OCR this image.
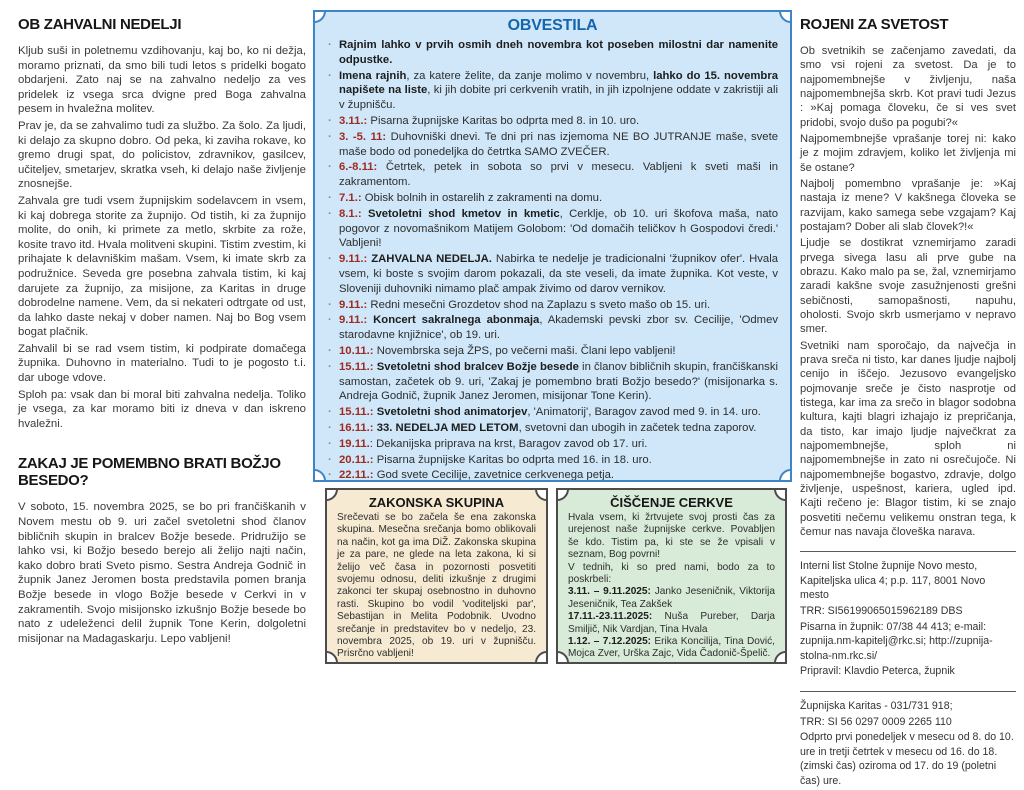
OB ZAHVALNI NEDELJI

Kljub suši in poletnemu vzdihovanju, kaj bo, ko ni dežja, moramo priznati, da smo bili tudi letos s pridelki bogato obdarjeni. Zato naj se na zahvalno nedeljo za ves pridelek iz vsega srca dvigne pred Boga zahvalna pesem in hvaležna molitev.

Prav je, da se zahvalimo tudi za službo. Za šolo. Za ljudi, ki delajo za skupno dobro. Od peka, ki zaviha rokave, ko gremo drugi spat, do policistov, zdravnikov, gasilcev, učiteljev, smetarjev, skratka vseh, ki delajo naše življenje znosnejše.

Zahvala gre tudi vsem župnijskim sodelavcem in vsem, ki kaj dobrega storite za župnijo. Od tistih, ki za župnijo molite, do onih, ki primete za metlo, skrbite za rože, kosite travo itd. Hvala molitveni skupini. Tistim zvestim, ki prihajate k delavniškim mašam. Vsem, ki imate skrb za podružnice. Seveda gre posebna zahvala tistim, ki kaj darujete za župnijo, za misijone, za Karitas in druge dobrodelne namene. Vem, da si nekateri odtrgate od ust, da lahko daste nekaj v dober namen. Naj bo Bog vsem bogat plačnik.

Zahvalil bi se rad vsem tistim, ki podpirate domačega župnika. Duhovno in materialno. Tudi to je pogosto t.i. dar uboge vdove.

Sploh pa: vsak dan bi moral biti zahvalna nedelja. Toliko je vsega, za kar moramo biti iz dneva v dan iskreno hvaležni.

ZAKAJ JE POMEMBNO BRATI BOŽJO BESEDO?

V soboto, 15. novembra 2025, se bo pri frančiškanih v Novem mestu ob 9. uri začel svetoletni shod članov bibličnih skupin in bralcev Božje besede. Pridružijo se lahko vsi, ki Božjo besedo berejo ali želijo najti način, kako dobro brati Sveto pismo. Sestra Andreja Godnič in župnik Janez Jeromen bosta predstavila pomen branja Božje besede in vlogo Božje besede v Cerkvi in v zakramentih. Svojo misijonsko izkušnjo Božje besede bo nato z udeleženci delil župnik Tone Kerin, dolgoletni misijonar na Madagaskarju. Lepo vabljeni!

OBVESTILA
· Rajnim lahko v prvih osmih dneh novembra kot poseben milostni dar namenite odpustke.
· Imena rajnih, za katere želite, da zanje molimo v novembru, lahko do 15. novembra napišete na liste, ki jih dobite pri cerkvenih vratih, in jih izpolnjene oddate v zakristiji ali v župnišču.
· 3.11.: Pisarna župnijske Karitas bo odprta med 8. in 10. uro.
· 3. -5. 11: Duhovniški dnevi. Te dni pri nas izjemoma NE BO JUTRANJE maše, svete maše bodo od ponedeljka do četrtka SAMO ZVEČER.
· 6.-8.11: Četrtek, petek in sobota so prvi v mesecu. Vabljeni k sveti maši in zakramentom.
· 7.1.: Obisk bolnih in ostarelih z zakramenti na domu.
· 8.1.: Svetoletni shod kmetov in kmetic, Cerklje, ob 10. uri škofova maša, nato pogovor z novomašnikom Matijem Golobom: 'Od domačih teličkov h Gospodovi čredi.' Vabljeni!
· 9.11.: ZAHVALNA NEDELJA. Nabirka te nedelje je tradicionalni 'župnikov ofer'. Hvala vsem, ki boste s svojim darom pokazali, da ste veseli, da imate župnika. Kot veste, v Sloveniji duhovniki nimamo plač ampak živimo od darov vernikov.
· 9.11.: Redni mesečni Grozdetov shod na Zaplazu s sveto mašo ob 15. uri.
· 9.11.: Koncert sakralnega abonmaja, Akademski pevski zbor sv. Cecilije, 'Odmev starodavne knjižnice', ob 19. uri.
· 10.11.: Novembrska seja ŽPS, po večerni maši. Člani lepo vabljeni!
· 15.11.: Svetoletni shod bralcev Božje besede in članov bibličnih skupin, frančiškanski samostan, začetek ob 9. uri, 'Zakaj je pomembno brati Božjo besedo?' (misijonarka s. Andreja Godnič, župnik Janez Jeromen, misijonar Tone Kerin).
· 15.11.: Svetoletni shod animatorjev, 'Animatorij', Baragov zavod med 9. in 14. uro.
· 16.11.: 33. NEDELJA MED LETOM, svetovni dan ubogih in začetek tedna zaporov.
· 19.11.: Dekanijska priprava na krst, Baragov zavod ob 17. uri.
· 20.11.: Pisarna župnijske Karitas bo odprta med 16. in 18. uro.
· 22.11.: God svete Cecilije, zavetnice cerkvenega petja.
ZAKONSKA SKUPINA
Srečevati se bo začela še ena zakonska skupina. Mesečna srečanja bomo oblikovali na način, kot ga ima DiŽ. Zakonska skupina je za pare, ne glede na leta zakona, ki si želijo več časa in pozornosti posvetiti svojemu odnosu, deliti izkušnje z drugimi zakonci ter skupaj osebnostno in duhovno rasti. Skupino bo vodil 'voditeljski par', Sebastijan in Melita Podobnik. Uvodno srečanje in predstavitev bo v nedeljo, 23. novembra 2025, ob 19. uri v župnišču. Prisrčno vabljeni!
ČIŠČENJE CERKVE
Hvala vsem, ki žrtvujete svoj prosti čas za urejenost naše župnijske cerkve. Povabljen še kdo. Tistim pa, ki ste se že vpisali v seznam, Bog povrni!
V tednih, ki so pred nami, bodo za to poskrbeli:
3.11. – 9.11.2025: Janko Jeseničnik, Viktorija Jeseničnik, Tea Zakšek
17.11.-23.11.2025: Nuša Pureber, Darja Smiljič, Nik Vardjan, Tina Hvala
1.12. – 7.12.2025: Erika Koncilija, Tina Dović, Mojca Zver, Urška Zajc, Vida Čadonič-Špelič.
ROJENI ZA SVETOST

Ob svetnikih se začenjamo zavedati, da smo vsi rojeni za svetost. Da je to najpomembnejše v življenju, naša najpomembnejša skrb. Kot pravi tudi Jezus : »Kaj pomaga človeku, če si ves svet pridobi, svojo dušo pa pogubi?«

Najpomembnejše vprašanje torej ni: kako je z mojim zdravjem, koliko let življenja mi še ostane?

Najbolj pomembno vprašanje je: »Kaj nastaja iz mene? V kakšnega človeka se razvijam, kako samega sebe vzgajam? Kaj postajam? Dober ali slab človek?!«

Ljudje se dostikrat vznemirjamo zaradi prvega sivega lasu ali prve gube na obrazu. Kako malo pa se, žal, vznemirjamo zaradi kakšne svoje zasužnjenosti grešni sebičnosti, samopašnosti, napuhu, oholosti. Svojo skrb usmerjamo v nepravo smer.

Svetniki nam sporočajo, da največja in prava sreča ni tisto, kar danes ljudje najbolj cenijo in iščejo. Jezusovo evangeljsko pojmovanje sreče je čisto nasprotje od tistega, kar ima za srečo in blagor sodobna kultura, kajti blagri izhajajo iz prepričanja, da tisto, kar imajo ljudje največkrat za najpomembnejše, sploh ni najpomembnejše in zato ni osrečujoče. Ni najpomembnejše bogastvo, zdravje, dolgo življenje, uspešnost, kariera, ugled ipd. Kajti rečeno je: Blagor tistim, ki se znajo posvetiti nečemu velikemu onstran tega, k čemur nas navaja človeška narava.

Interni list Stolne župnije Novo mesto, Kapiteljska ulica 4; p.p. 117, 8001 Novo mesto
TRR: SI56199065015962189 DBS
Pisarna in župnik: 07/38 44 413; e-mail: zupnija.nm-kapitelj@rkc.si; http://zupnija-stolna-nm.rkc.si/
Pripravil: Klavdio Peterca, župnik
Župnijska Karitas - 031/731 918;
TRR: SI 56 0297 0009 2265 110
Odprto prvi ponedeljek v mesecu od 8. do 10. ure in tretji četrtek v mesecu od 16. do 18. (zimski čas) oziroma od 17. do 19 (poletni čas) ure.
